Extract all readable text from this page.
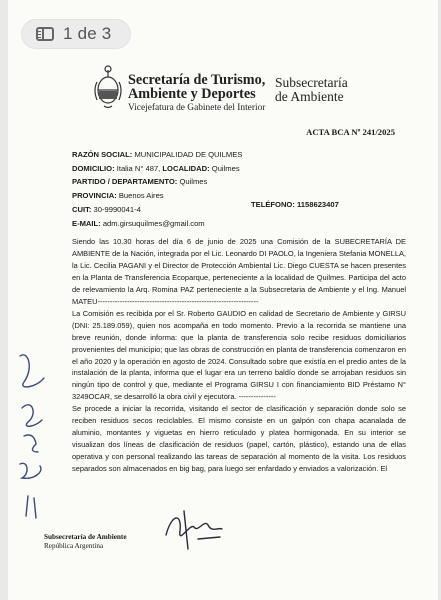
1 de 3
Secretaría de Turismo,
Ambiente y Deportes
Vicejefatura de Gabinete del Interior
Subsecretaría
de Ambiente
ACTA BCA Nº 241/2025
RAZÓN SOCIAL: MUNICIPALIDAD DE QUILMES
DOMICILIO: Italia N° 487, LOCALIDAD: Quilmes
PARTIDO / DEPARTAMENTO: Quilmes
PROVINCIA: Buenos Aires
CUIT: 30-9990041-4
E-MAIL: adm.girsuquilmes@gmail.com
TELÉFONO: 1158623407

Siendo las 10.30 horas del día 6 de junio de 2025 una Comisión de la SUBECRETARÍA DE AMBIENTE de la Nación, integrada por el Lic. Leonardo DI PAOLO, la Ingeniera Stefania MONELLA, la Lic. Cecilia PAGANI y el Director de Protección Ambiental Lic. Diego CUESTA se hacen presentes en la Planta de Transferencia Ecoparque, perteneciente a la localidad de Quilmes. Participa del acto de relevamiento la Arq. Romina PAZ perteneciente a la Subsecretaria de Ambiente y el Ing. Manuel MATEU-----------------------------------------------------------------

La Comisión es recibida por el Sr. Roberto GAUDIO en calidad de Secretario de Ambiente y GIRSU (DNI: 25.189.059), quien nos acompaña en todo momento. Previo a la recorrida se mantiene una breve reunión, donde informa: que la planta de transferencia solo recibe residuos domiciliarios provenientes del municipio; que las obras de construcción en planta de transferencia comenzaron en el año 2020 y la operación en agosto de 2024. Consultado sobre que existía en el predio antes de la instalación de la planta, informa que el lugar era un terreno baldío donde se arrojaban residuos sin ningún tipo de control y que, mediante el Programa GIRSU I con financiamiento BID Préstamo N° 3249OCAR, se desarrolló la obra civil y ejecutora. ---------------

Se procede a iniciar la recorrida, visitando el sector de clasificación y separación donde solo se reciben residuos secos reciclables. El mismo consiste en un galpón con chapa acanalada de aluminio, montantes y viguetas en hierro reticulado y platea hormigonada. En su interior se visualizan dos líneas de clasificación de residuos (papel, cartón, plástico), estando una de ellas operativa y con personal realizando las tareas de separación al momento de la visita. Los residuos separados son almacenados en big bag, para luego ser enfardado y enviados a valorización. El

Subsecretaría de Ambiente
República Argentina
